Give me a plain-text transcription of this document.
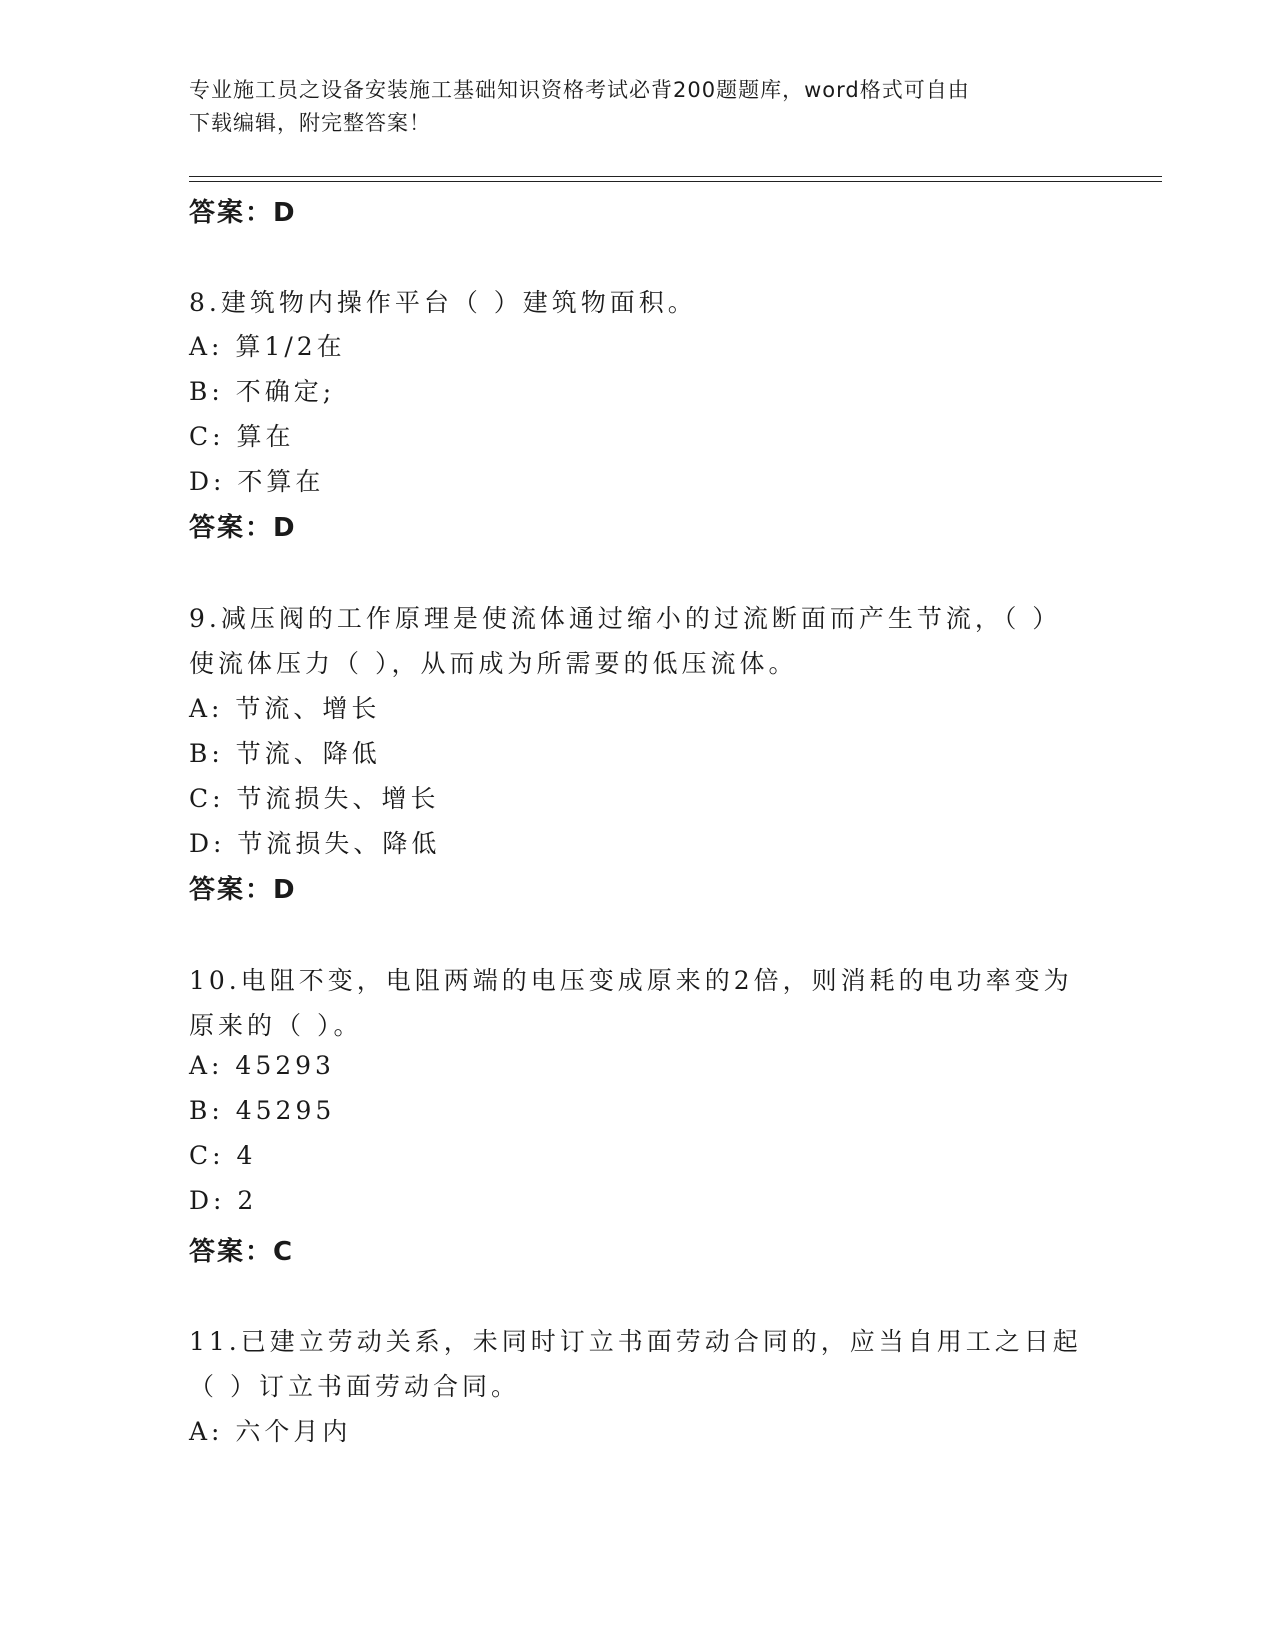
专业施工员之设备安装施工基础知识资格考试必背200题题库，word格式可自由
下载编辑，附完整答案！
答案：D
8.建筑物内操作平台（ ）建筑物面积。
A: 算1/2在
B: 不确定;
C: 算在
D: 不算在
答案：D
9.减压阀的工作原理是使流体通过缩小的过流断面而产生节流，（ ）
使流体压力（ ），从而成为所需要的低压流体。
A: 节流、增长
B: 节流、降低
C: 节流损失、增长
D: 节流损失、降低
答案：D
10.电阻不变，电阻两端的电压变成原来的2倍，则消耗的电功率变为
原来的（ ）。
A: 45293
B: 45295
C: 4
D: 2
答案：C
11.已建立劳动关系，未同时订立书面劳动合同的，应当自用工之日起
（ ）订立书面劳动合同。
A: 六个月内
